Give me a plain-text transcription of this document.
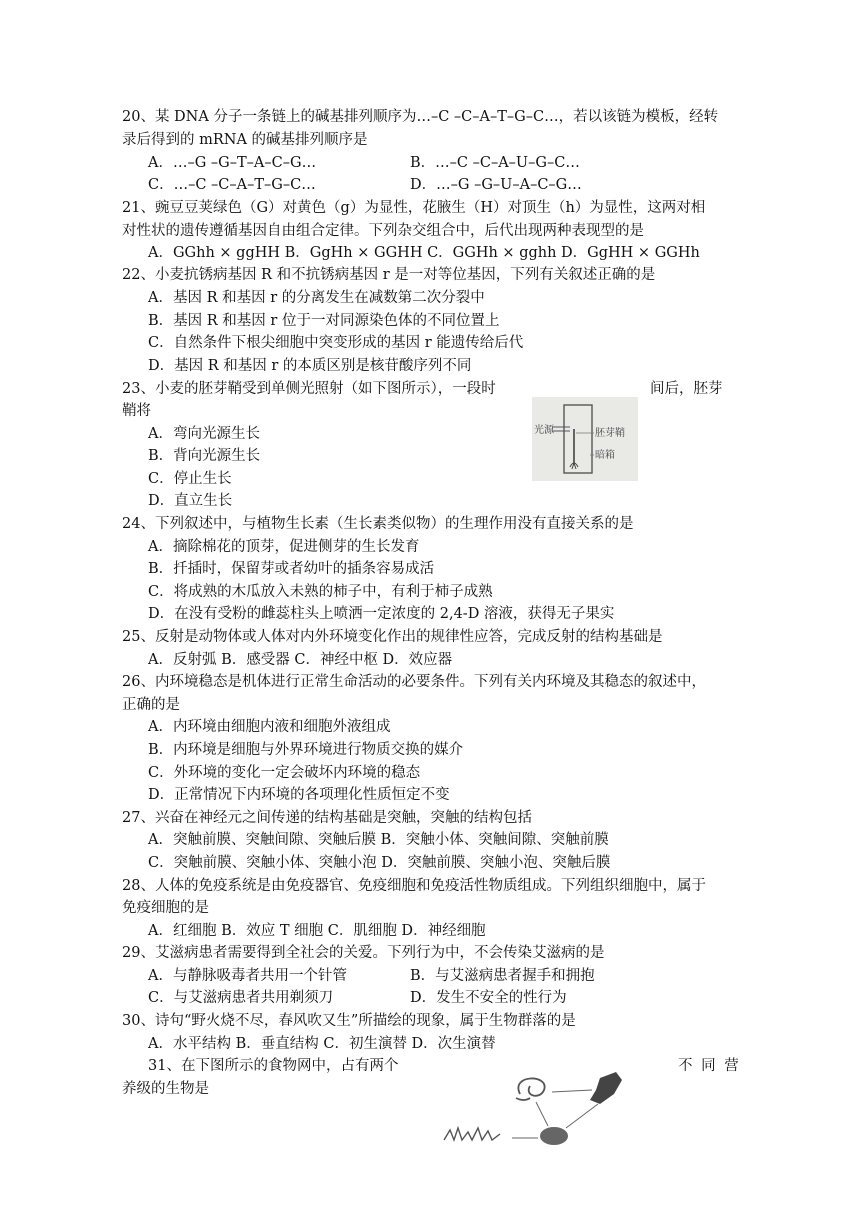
20、某 DNA 分子一条链上的碱基排列顺序为…–C –C–A–T–G–C…，若以该链为模板，经转
录后得到的 mRNA 的碱基排列顺序是
A．…–G –G–T–A–C–G…	B．…–C –C–A–U–G–C…
C．…–C –C–A–T–G–C…	D．…–G –G–U–A–C–G…
21、豌豆豆荚绿色（G）对黄色（g）为显性，花腋生（H）对顶生（h）为显性，这两对相
对性状的遗传遵循基因自由组合定律。下列杂交组合中，后代出现两种表现型的是
A．GGhh × ggHH B．GgHh × GGHH C．GGHh × gghh D．GgHH × GGHh
22、小麦抗锈病基因 R 和不抗锈病基因 r 是一对等位基因，下列有关叙述正确的是
A．基因 R 和基因 r 的分离发生在减数第二次分裂中
B．基因 R 和基因 r 位于一对同源染色体的不同位置上
C．自然条件下根尖细胞中突变形成的基因 r 能遗传给后代
D．基因 R 和基因 r 的本质区别是核苷酸序列不同
23、小麦的胚芽鞘受到单侧光照射（如下图所示），一段时	间后，胚芽
鞘将
A．弯向光源生长
B．背向光源生长
C．停止生长
D．直立生长
光源	胚芽鞘
暗箱
24、下列叙述中，与植物生长素（生长素类似物）的生理作用没有直接关系的是
A．摘除棉花的顶芽，促进侧芽的生长发育
B．扦插时，保留芽或者幼叶的插条容易成活
C．将成熟的木瓜放入未熟的柿子中，有利于柿子成熟
D．在没有受粉的雌蕊柱头上喷洒一定浓度的 2,4-D 溶液，获得无子果实
25、反射是动物体或人体对内外环境变化作出的规律性应答，完成反射的结构基础是
A．反射弧 B．感受器 C．神经中枢 D．效应器
26、内环境稳态是机体进行正常生命活动的必要条件。下列有关内环境及其稳态的叙述中，
正确的是
A．内环境由细胞内液和细胞外液组成
B．内环境是细胞与外界环境进行物质交换的媒介
C．外环境的变化一定会破坏内环境的稳态
D．正常情况下内环境的各项理化性质恒定不变
27、兴奋在神经元之间传递的结构基础是突触，突触的结构包括
A．突触前膜、突触间隙、突触后膜 B．突触小体、突触间隙、突触前膜
C．突触前膜、突触小体、突触小泡 D．突触前膜、突触小泡、突触后膜
28、人体的免疫系统是由免疫器官、免疫细胞和免疫活性物质组成。下列组织细胞中，属于
免疫细胞的是
A．红细胞 B．效应 T 细胞 C．肌细胞 D．神经细胞
29、艾滋病患者需要得到全社会的关爱。下列行为中，不会传染艾滋病的是
A．与静脉吸毒者共用一个针管	B．与艾滋病患者握手和拥抱
C．与艾滋病患者共用剃须刀	D．发生不安全的性行为
30、诗句“野火烧不尽，春风吹又生”所描绘的现象，属于生物群落的是
A．水平结构 B．垂直结构 C．初生演替 D．次生演替
31、在下图所示的食物网中，占有两个	不 同 营
养级的生物是
